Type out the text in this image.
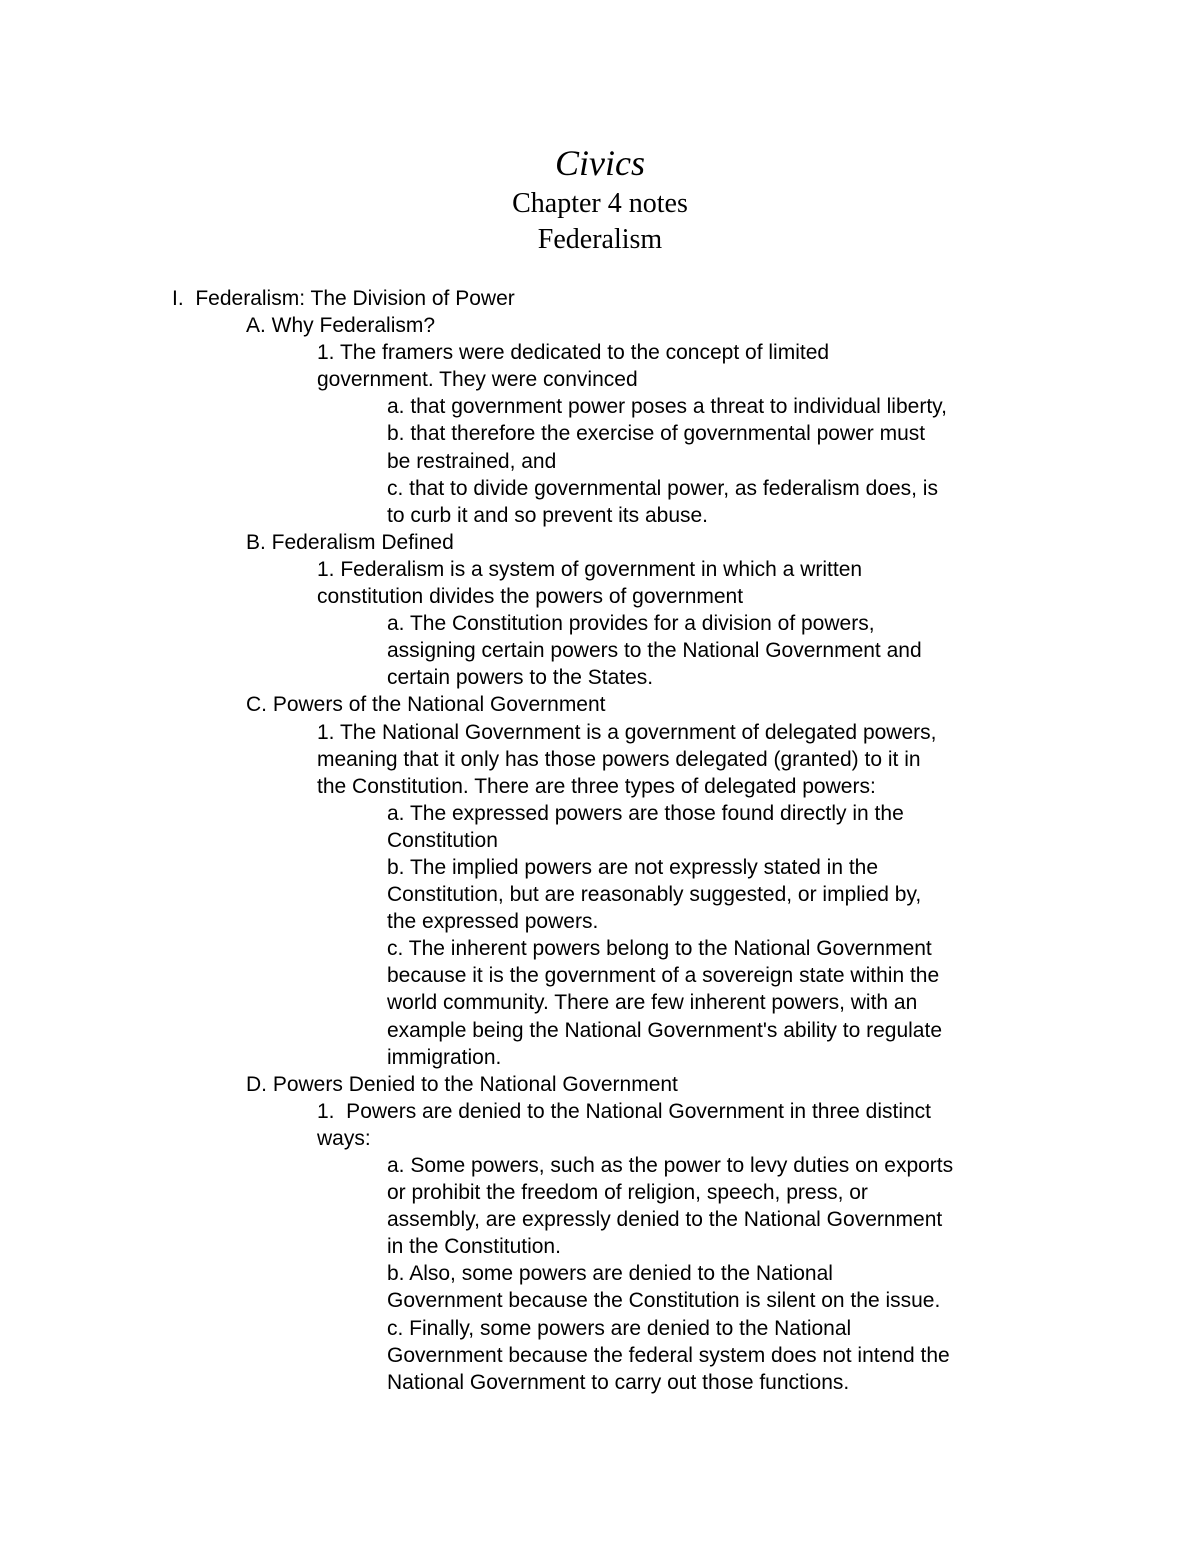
Civics
Chapter 4 notes
Federalism
I.  Federalism: The Division of Power
A. Why Federalism?
1. The framers were dedicated to the concept of limited
government. They were convinced
a. that government power poses a threat to individual liberty,
b. that therefore the exercise of governmental power must
be restrained, and
c. that to divide governmental power, as federalism does, is
to curb it and so prevent its abuse.
B. Federalism Defined
1. Federalism is a system of government in which a written
constitution divides the powers of government
a. The Constitution provides for a division of powers,
assigning certain powers to the National Government and
certain powers to the States.
C. Powers of the National Government
1. The National Government is a government of delegated powers,
meaning that it only has those powers delegated (granted) to it in
the Constitution. There are three types of delegated powers:
a. The expressed powers are those found directly in the
Constitution
b. The implied powers are not expressly stated in the
Constitution, but are reasonably suggested, or implied by,
the expressed powers.
c. The inherent powers belong to the National Government
because it is the government of a sovereign state within the
world community. There are few inherent powers, with an
example being the National Government's ability to regulate
immigration.
D. Powers Denied to the National Government
1.  Powers are denied to the National Government in three distinct
ways:
a. Some powers, such as the power to levy duties on exports
or prohibit the freedom of religion, speech, press, or
assembly, are expressly denied to the National Government
in the Constitution.
b. Also, some powers are denied to the National
Government because the Constitution is silent on the issue.
c. Finally, some powers are denied to the National
Government because the federal system does not intend the
National Government to carry out those functions.
